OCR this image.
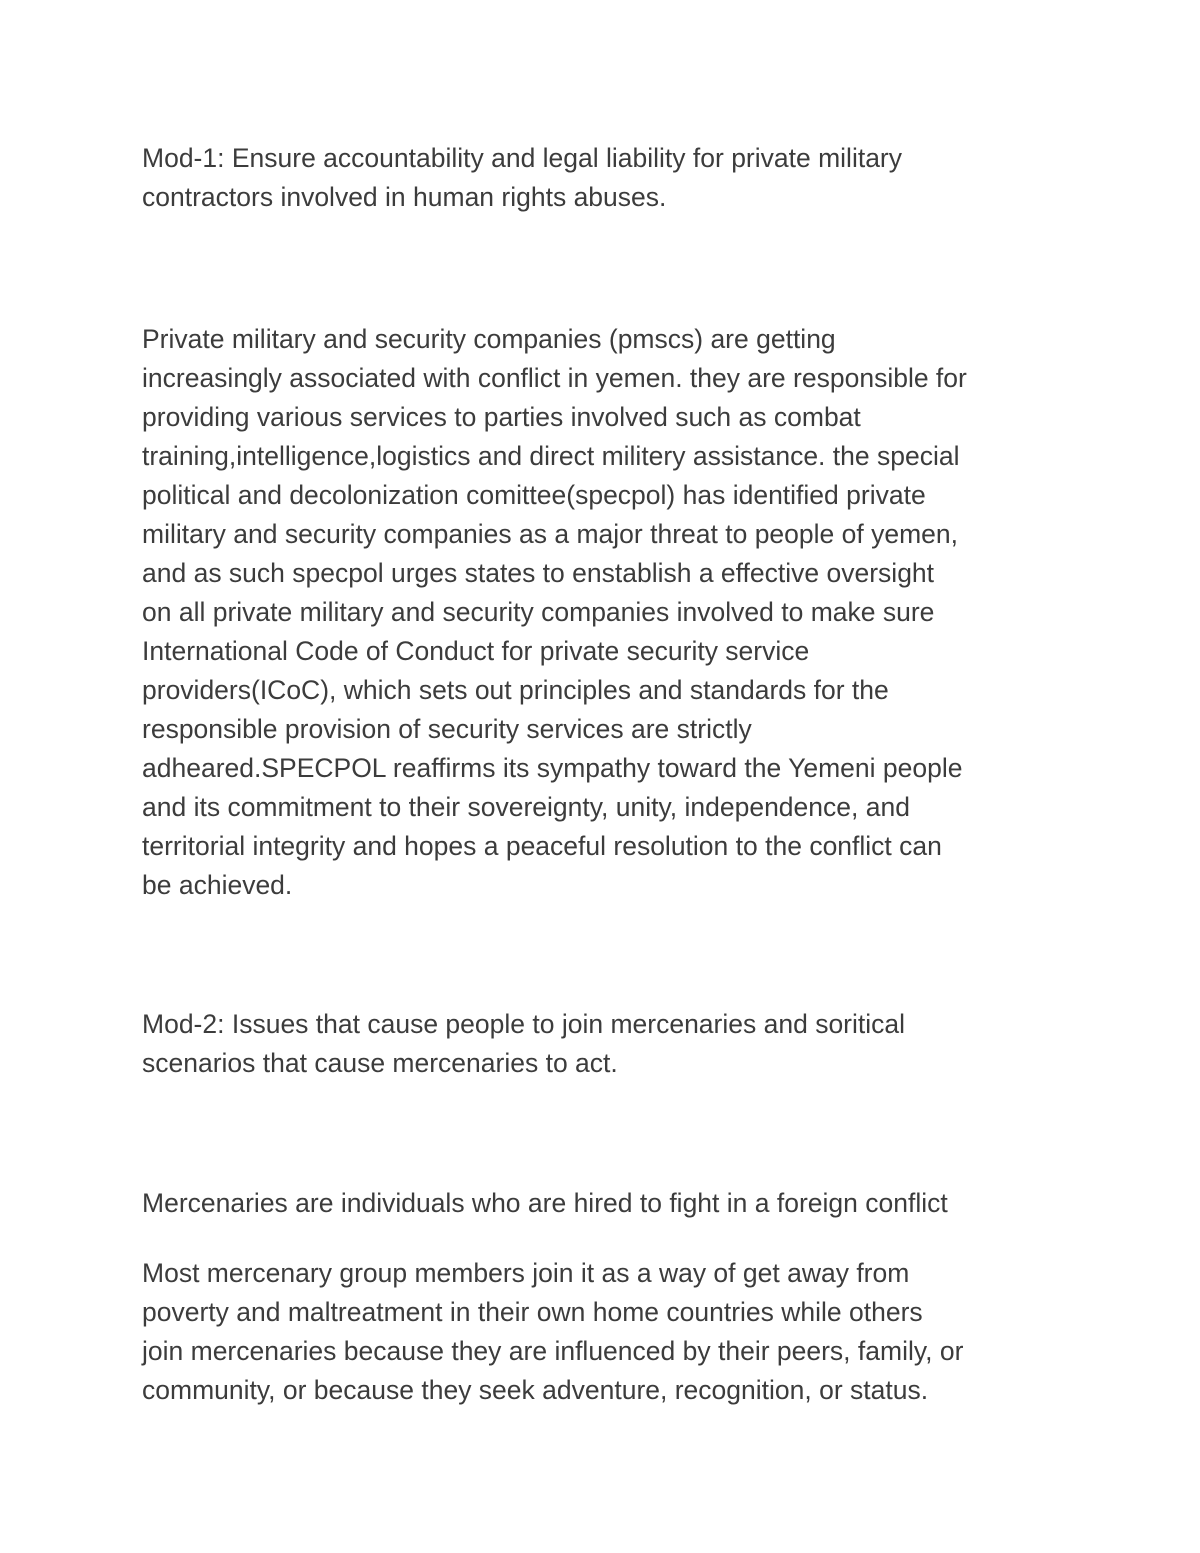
Mod-1: Ensure accountability and legal liability for private military
contractors involved in human rights abuses.

Private military and security companies (pmscs) are getting
increasingly associated with conflict in yemen. they are responsible for
providing various services to parties involved such as combat
training,intelligence,logistics and direct militery assistance. the special
political and decolonization comittee(specpol) has identified private
military and security companies as a major threat to people of yemen,
and as such specpol urges states to enstablish a effective oversight
on all private military and security companies involved to make sure
International Code of Conduct for private security service
providers(ICoC), which sets out principles and standards for the
responsible provision of security services are strictly
adheared.SPECPOL reaffirms its sympathy toward the Yemeni people
and its commitment to their sovereignty, unity, independence, and
territorial integrity and hopes a peaceful resolution to the conflict can
be achieved.

Mod-2: Issues that cause people to join mercenaries and soritical
scenarios that cause mercenaries to act.

Mercenaries are individuals who are hired to fight in a foreign conflict

Most mercenary group members join it as a way of get away from
poverty and maltreatment in their own home countries while others
join mercenaries because they are influenced by their peers, family, or
community, or because they seek adventure, recognition, or status.
